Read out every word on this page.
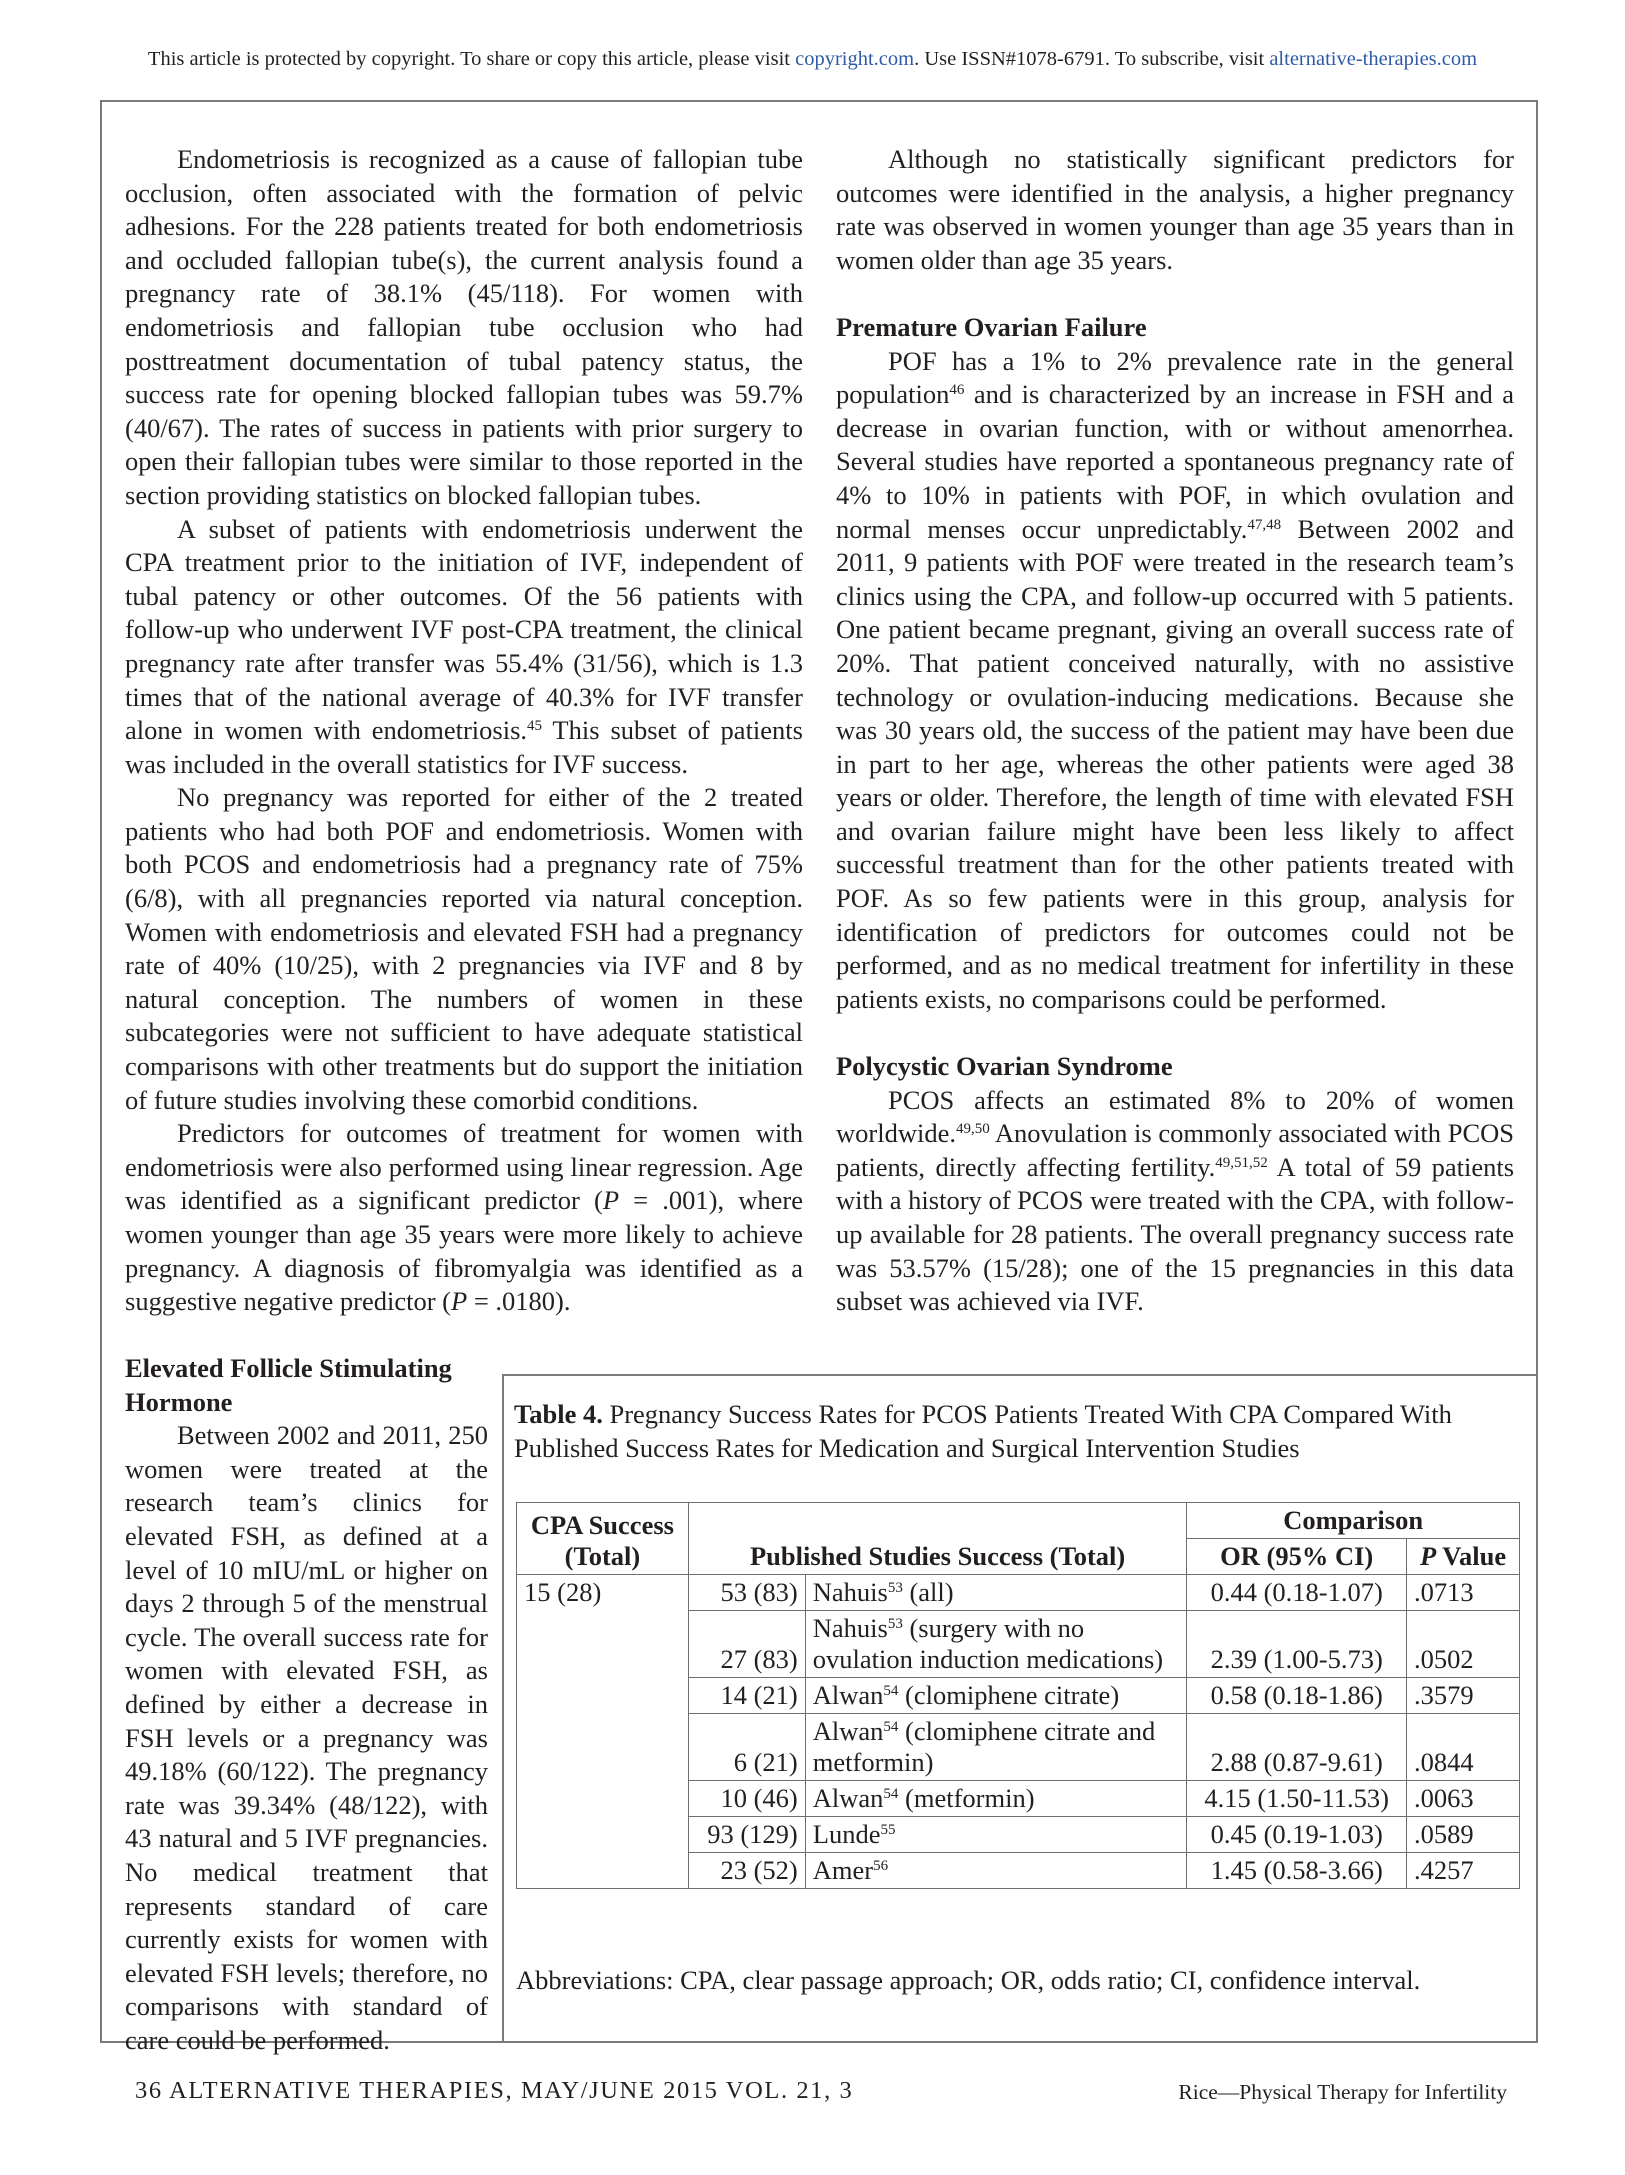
This article is protected by copyright. To share or copy this article, please visit copyright.com. Use ISSN#1078-6791. To subscribe, visit alternative-therapies.com

Endometriosis is recognized as a cause of fallopian tube occlusion, often associated with the formation of pelvic adhesions. For the 228 patients treated for both endometriosis and occluded fallopian tube(s), the current analysis found a pregnancy rate of 38.1% (45/118). For women with endometriosis and fallopian tube occlusion who had posttreatment documentation of tubal patency status, the success rate for opening blocked fallopian tubes was 59.7% (40/67). The rates of success in patients with prior surgery to open their fallopian tubes were similar to those reported in the section providing statistics on blocked fallopian tubes.

A subset of patients with endometriosis underwent the CPA treatment prior to the initiation of IVF, independent of tubal patency or other outcomes. Of the 56 patients with follow-up who underwent IVF post-CPA treatment, the clinical pregnancy rate after transfer was 55.4% (31/56), which is 1.3 times that of the national average of 40.3% for IVF transfer alone in women with endometriosis.$^{45}$ This subset of patients was included in the overall statistics for IVF success.

No pregnancy was reported for either of the 2 treated patients who had both POF and endometriosis. Women with both PCOS and endometriosis had a pregnancy rate of 75% (6/8), with all pregnancies reported via natural conception. Women with endometriosis and elevated FSH had a pregnancy rate of 40% (10/25), with 2 pregnancies via IVF and 8 by natural conception. The numbers of women in these subcategories were not sufficient to have adequate statistical comparisons with other treatments but do support the initiation of future studies involving these comorbid conditions.

Predictors for outcomes of treatment for women with endometriosis were also performed using linear regression. Age was identified as a significant predictor (P = .001), where women younger than age 35 years were more likely to achieve pregnancy. A diagnosis of fibromyalgia was identified as a suggestive negative predictor (P = .0180).

Elevated Follicle Stimulating Hormone

Between 2002 and 2011, 250 women were treated at the research team’s clinics for elevated FSH, as defined at a level of 10 mIU/mL or higher on days 2 through 5 of the menstrual cycle. The overall success rate for women with elevated FSH, as defined by either a decrease in FSH levels or a pregnancy was 49.18% (60/122). The pregnancy rate was 39.34% (48/122), with 43 natural and 5 IVF pregnancies. No medical treatment that represents standard of care currently exists for women with elevated FSH levels; therefore, no comparisons with standard of care could be performed.

Although no statistically significant predictors for outcomes were identified in the analysis, a higher pregnancy rate was observed in women younger than age 35 years than in women older than age 35 years.

Premature Ovarian Failure

POF has a 1% to 2% prevalence rate in the general population$^{46}$ and is characterized by an increase in FSH and a decrease in ovarian function, with or without amenorrhea. Several studies have reported a spontaneous pregnancy rate of 4% to 10% in patients with POF, in which ovulation and normal menses occur unpredictably.$^{47,48}$ Between 2002 and 2011, 9 patients with POF were treated in the research team’s clinics using the CPA, and follow-up occurred with 5 patients. One patient became pregnant, giving an overall success rate of 20%. That patient conceived naturally, with no assistive technology or ovulation-inducing medications. Because she was 30 years old, the success of the patient may have been due in part to her age, whereas the other patients were aged 38 years or older. Therefore, the length of time with elevated FSH and ovarian failure might have been less likely to affect successful treatment than for the other patients treated with POF. As so few patients were in this group, analysis for identification of predictors for outcomes could not be performed, and as no medical treatment for infertility in these patients exists, no comparisons could be performed.

Polycystic Ovarian Syndrome

PCOS affects an estimated 8% to 20% of women worldwide.$^{49,50}$ Anovulation is commonly associated with PCOS patients, directly affecting fertility.$^{49,51,52}$ A total of 59 patients with a history of PCOS were treated with the CPA, with follow-up available for 28 patients. The overall pregnancy success rate was 53.57% (15/28); one of the 15 pregnancies in this data subset was achieved via IVF.

Table 4. Pregnancy Success Rates for PCOS Patients Treated With CPA Compared With Published Success Rates for Medication and Surgical Intervention Studies
CPA Success (Total)	Published Studies Success (Total)		Comparison	
			OR (95% CI)	P Value
15 (28)	53 (83)	Nahuis$^{53}$ (all)	0.44 (0.18-1.07)	.0713
	27 (83)	Nahuis$^{53}$ (surgery with no ovulation induction medications)	2.39 (1.00-5.73)	.0502
	14 (21)	Alwan$^{54}$ (clomiphene citrate)	0.58 (0.18-1.86)	.3579
	6 (21)	Alwan$^{54}$ (clomiphene citrate and metformin)	2.88 (0.87-9.61)	.0844
	10 (46)	Alwan$^{54}$ (metformin)	4.15 (1.50-11.53)	.0063
	93 (129)	Lunde$^{55}$	0.45 (0.19-1.03)	.0589
	23 (52)	Amer$^{56}$	1.45 (0.58-3.66)	.4257
Abbreviations: CPA, clear passage approach; OR, odds ratio; CI, confidence interval.
36 ALTERNATIVE THERAPIES, MAY/JUNE 2015 VOL. 21, 3	Rice—Physical Therapy for Infertility
